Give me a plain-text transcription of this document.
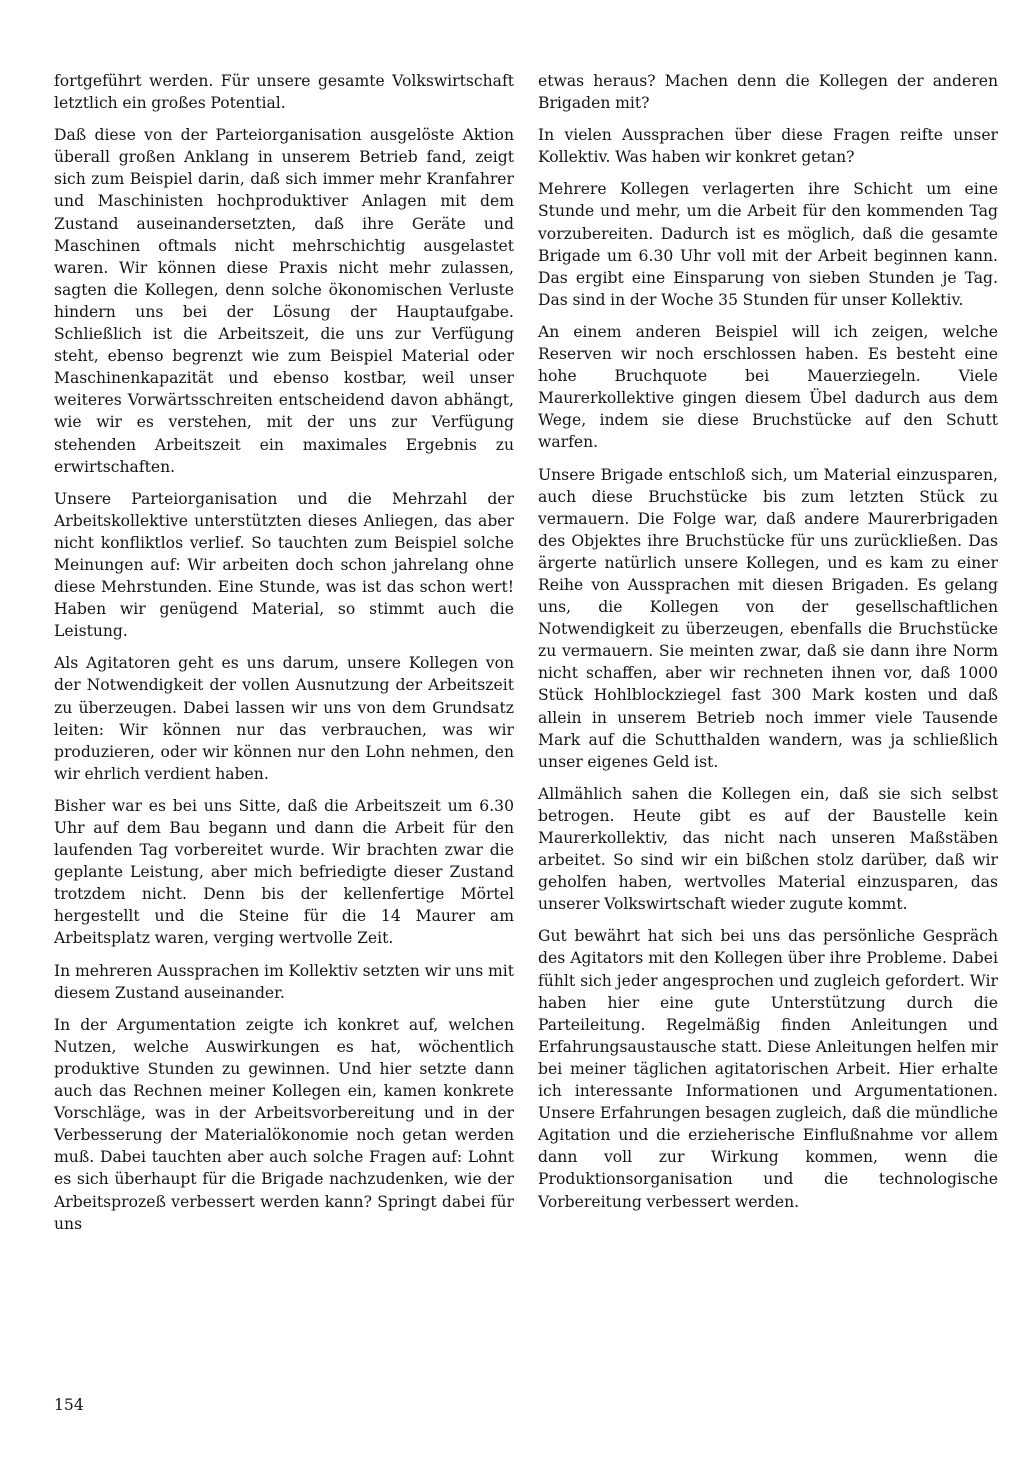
fortgeführt werden. Für unsere gesamte Volkswirtschaft letztlich ein großes Potential.

Daß diese von der Parteiorganisation ausgelöste Aktion überall großen Anklang in unserem Betrieb fand, zeigt sich zum Beispiel darin, daß sich immer mehr Kranfahrer und Maschinisten hochproduktiver Anlagen mit dem Zustand auseinandersetzten, daß ihre Geräte und Maschinen oftmals nicht mehrschichtig ausgelastet waren. Wir können diese Praxis nicht mehr zulassen, sagten die Kollegen, denn solche ökonomischen Verluste hindern uns bei der Lösung der Hauptaufgabe. Schließlich ist die Arbeitszeit, die uns zur Verfügung steht, ebenso begrenzt wie zum Beispiel Material oder Maschinenkapazität und ebenso kostbar, weil unser weiteres Vorwärtsschreiten entscheidend davon abhängt, wie wir es verstehen, mit der uns zur Verfügung stehenden Arbeitszeit ein maximales Ergebnis zu erwirtschaften.

Unsere Parteiorganisation und die Mehrzahl der Arbeitskollektive unterstützten dieses Anliegen, das aber nicht konfliktlos verlief. So tauchten zum Beispiel solche Meinungen auf: Wir arbeiten doch schon jahrelang ohne diese Mehrstunden. Eine Stunde, was ist das schon wert! Haben wir genügend Material, so stimmt auch die Leistung.

Als Agitatoren geht es uns darum, unsere Kollegen von der Notwendigkeit der vollen Ausnutzung der Arbeitszeit zu überzeugen. Dabei lassen wir uns von dem Grundsatz leiten: Wir können nur das verbrauchen, was wir produzieren, oder wir können nur den Lohn nehmen, den wir ehrlich verdient haben.

Bisher war es bei uns Sitte, daß die Arbeitszeit um 6.30 Uhr auf dem Bau begann und dann die Arbeit für den laufenden Tag vorbereitet wurde. Wir brachten zwar die geplante Leistung, aber mich befriedigte dieser Zustand trotzdem nicht. Denn bis der kellenfertige Mörtel hergestellt und die Steine für die 14 Maurer am Arbeitsplatz waren, verging wertvolle Zeit.

In mehreren Aussprachen im Kollektiv setzten wir uns mit diesem Zustand auseinander.

In der Argumentation zeigte ich konkret auf, welchen Nutzen, welche Auswirkungen es hat, wöchentlich produktive Stunden zu gewinnen. Und hier setzte dann auch das Rechnen meiner Kollegen ein, kamen konkrete Vorschläge, was in der Arbeitsvorbereitung und in der Verbesserung der Materialökonomie noch getan werden muß. Dabei tauchten aber auch solche Fragen auf: Lohnt es sich überhaupt für die Brigade nachzudenken, wie der Arbeitsprozeß verbessert werden kann? Springt dabei für uns

etwas heraus? Machen denn die Kollegen der anderen Brigaden mit?

In vielen Aussprachen über diese Fragen reifte unser Kollektiv. Was haben wir konkret getan?

Mehrere Kollegen verlagerten ihre Schicht um eine Stunde und mehr, um die Arbeit für den kommenden Tag vorzubereiten. Dadurch ist es möglich, daß die gesamte Brigade um 6.30 Uhr voll mit der Arbeit beginnen kann. Das ergibt eine Einsparung von sieben Stunden je Tag. Das sind in der Woche 35 Stunden für unser Kollektiv.

An einem anderen Beispiel will ich zeigen, welche Reserven wir noch erschlossen haben. Es besteht eine hohe Bruchquote bei Mauerziegeln. Viele Maurerkollektive gingen diesem Übel dadurch aus dem Wege, indem sie diese Bruchstücke auf den Schutt warfen.

Unsere Brigade entschloß sich, um Material einzusparen, auch diese Bruchstücke bis zum letzten Stück zu vermauern. Die Folge war, daß andere Maurerbrigaden des Objektes ihre Bruchstücke für uns zurückließen. Das ärgerte natürlich unsere Kollegen, und es kam zu einer Reihe von Aussprachen mit diesen Brigaden. Es gelang uns, die Kollegen von der gesellschaftlichen Notwendigkeit zu überzeugen, ebenfalls die Bruchstücke zu vermauern. Sie meinten zwar, daß sie dann ihre Norm nicht schaffen, aber wir rechneten ihnen vor, daß 1000 Stück Hohlblockziegel fast 300 Mark kosten und daß allein in unserem Betrieb noch immer viele Tausende Mark auf die Schutthalden wandern, was ja schließlich unser eigenes Geld ist.

Allmählich sahen die Kollegen ein, daß sie sich selbst betrogen. Heute gibt es auf der Baustelle kein Maurerkollektiv, das nicht nach unseren Maßstäben arbeitet. So sind wir ein bißchen stolz darüber, daß wir geholfen haben, wertvolles Material einzusparen, das unserer Volkswirtschaft wieder zugute kommt.

Gut bewährt hat sich bei uns das persönliche Gespräch des Agitators mit den Kollegen über ihre Probleme. Dabei fühlt sich jeder angesprochen und zugleich gefordert. Wir haben hier eine gute Unterstützung durch die Parteileitung. Regelmäßig finden Anleitungen und Erfahrungsaustausche statt. Diese Anleitungen helfen mir bei meiner täglichen agitatorischen Arbeit. Hier erhalte ich interessante Informationen und Argumentationen. Unsere Erfahrungen besagen zugleich, daß die mündliche Agitation und die erzieherische Einflußnahme vor allem dann voll zur Wirkung kommen, wenn die Produktionsorganisation und die technologische Vorbereitung verbessert werden.

154
